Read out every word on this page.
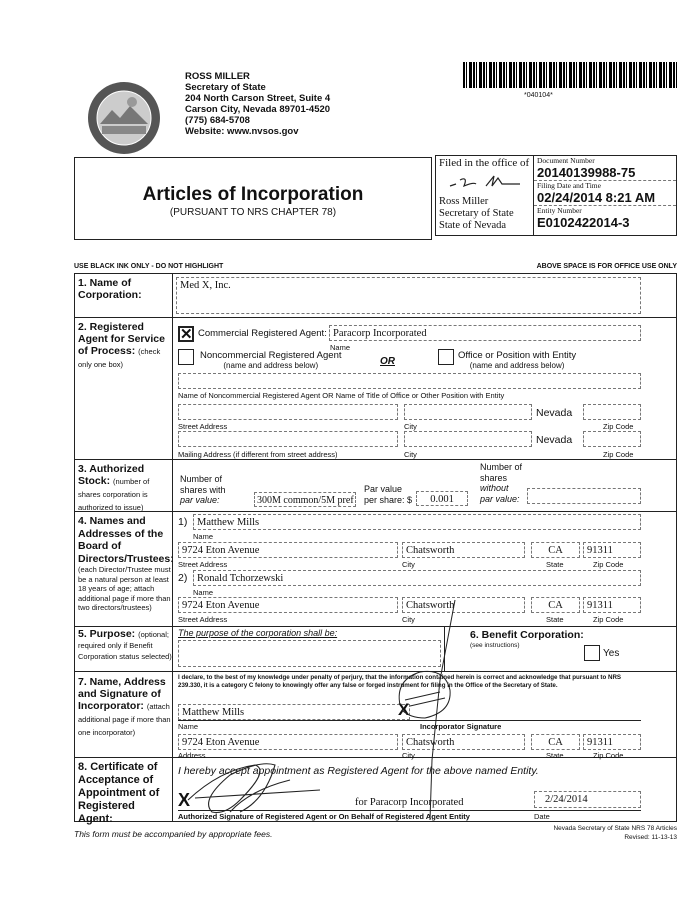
ROSS MILLER
Secretary of State
204 North Carson Street, Suite 4
Carson City, Nevada 89701-4520
(775) 684-5708
Website: www.nvsos.gov
*040104*
Articles of Incorporation
(PURSUANT TO NRS CHAPTER 78)
Filed in the office of
Ross Miller
Secretary of State
State of Nevada
Document Number
20140139988-75
Filing Date and Time
02/24/2014 8:21 AM
Entity Number
E0102422014-3
USE BLACK INK ONLY - DO NOT HIGHLIGHT	ABOVE SPACE IS FOR OFFICE USE ONLY
1. Name of Corporation:
Med X, Inc.
2. Registered Agent for Service of Process: (check only one box)
✕ Commercial Registered Agent: Paracorp Incorporated
Name
Noncommercial Registered Agent
(name and address below)	OR
Office or Position with Entity
(name and address below)
Name of Noncommercial Registered Agent OR Name of Title of Office or Other Position with Entity
Nevada
Street Address	City	Zip Code
Nevada
Mailing Address (if different from street address)	City	Zip Code
3. Authorized Stock: (number of shares corporation is authorized to issue)
Number of
shares with
par value:	300M common/5M pref
Par value
per share: $	0.001
Number of
shares
without
par value:
4. Names and Addresses of the Board of Directors/Trustees:
(each Director/Trustee must be a natural person at least 18 years of age; attach additional page if more than two directors/trustees)
1) Matthew Mills
Name
9724 Eton Avenue	Chatsworth	CA	91311
Street Address	City	State	Zip Code
2) Ronald Tchorzewski
Name
9724 Eton Avenue	Chatsworth	CA	91311
Street Address	City	State	Zip Code
5. Purpose: (optional; required only if Benefit Corporation status selected)
The purpose of the corporation shall be:	6. Benefit Corporation:
(see instructions)
Yes
7. Name, Address and Signature of Incorporator: (attach additional page if more than one incorporator)
I declare, to the best of my knowledge under penalty of perjury, that the information contained herein is correct and acknowledge that pursuant to NRS 239.330, it is a category C felony to knowingly offer any false or forged instrument for filing in the Office of the Secretary of State.
Matthew Mills	X
Name	Incorporator Signature
9724 Eton Avenue	Chatsworth	CA	91311
Address	City	State	Zip Code
8. Certificate of Acceptance of Appointment of Registered Agent:
I hereby accept appointment as Registered Agent for the above named Entity.
X	for Paracorp Incorporated	2/24/2014
Authorized Signature of Registered Agent or On Behalf of Registered Agent Entity	Date
This form must be accompanied by appropriate fees.
Nevada Secretary of State NRS 78 Articles
Revised: 11-13-13
